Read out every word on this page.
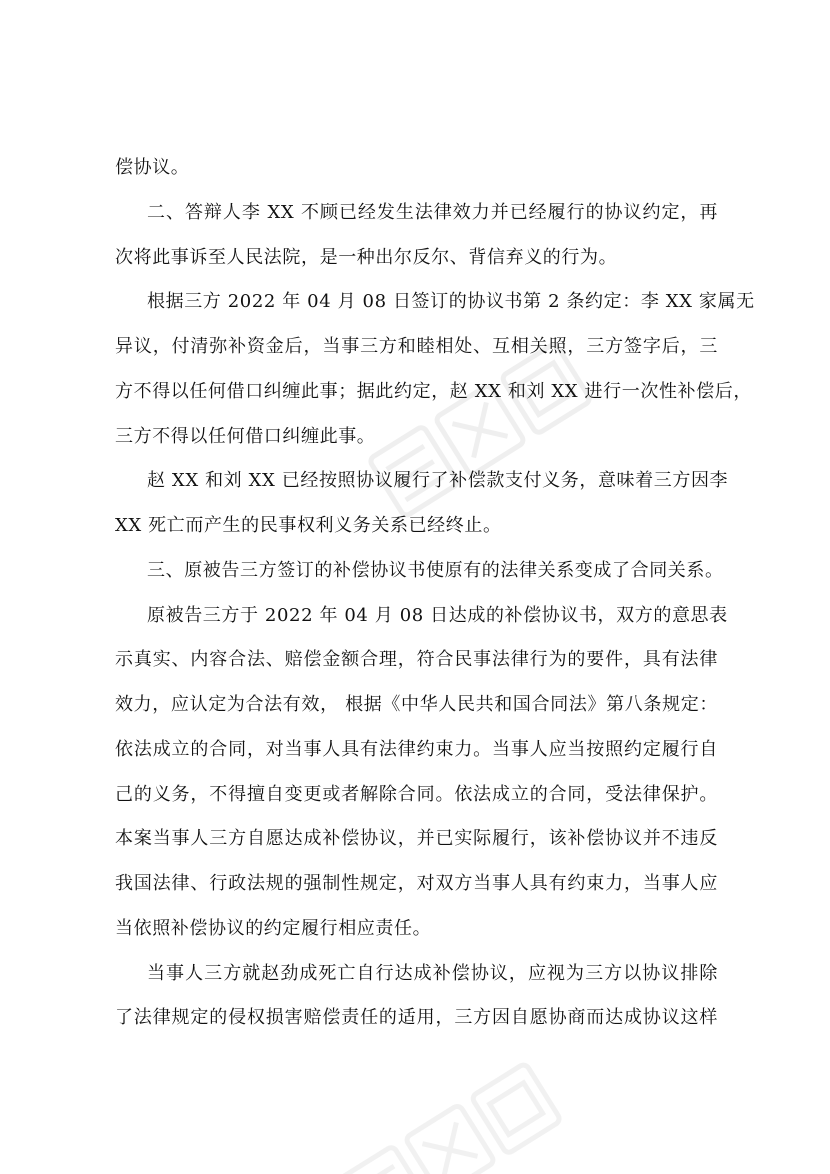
偿协议。
二、答辩人李 XX 不顾已经发生法律效力并已经履行的协议约定，再
次将此事诉至人民法院，是一种出尔反尔、背信弃义的行为。
根据三方 2022 年 04 月 08 日签订的协议书第 2 条约定：李 XX 家属无
异议，付清弥补资金后，当事三方和睦相处、互相关照，三方签字后，三
方不得以任何借口纠缠此事；据此约定，赵 XX 和刘 XX 进行一次性补偿后，
三方不得以任何借口纠缠此事。
赵 XX 和刘 XX 已经按照协议履行了补偿款支付义务，意味着三方因李
XX 死亡而产生的民事权利义务关系已经终止。
三、原被告三方签订的补偿协议书使原有的法律关系变成了合同关系。
原被告三方于 2022 年 04 月 08 日达成的补偿协议书，双方的意思表
示真实、内容合法、赔偿金额合理，符合民事法律行为的要件，具有法律
效力，应认定为合法有效， 根据《中华人民共和国合同法》第八条规定：
依法成立的合同，对当事人具有法律约束力。当事人应当按照约定履行自
己的义务，不得擅自变更或者解除合同。依法成立的合同，受法律保护。
本案当事人三方自愿达成补偿协议，并已实际履行，该补偿协议并不违反
我国法律、行政法规的强制性规定，对双方当事人具有约束力，当事人应
当依照补偿协议的约定履行相应责任。
当事人三方就赵劲成死亡自行达成补偿协议，应视为三方以协议排除
了法律规定的侵权损害赔偿责任的适用，三方因自愿协商而达成协议这样
